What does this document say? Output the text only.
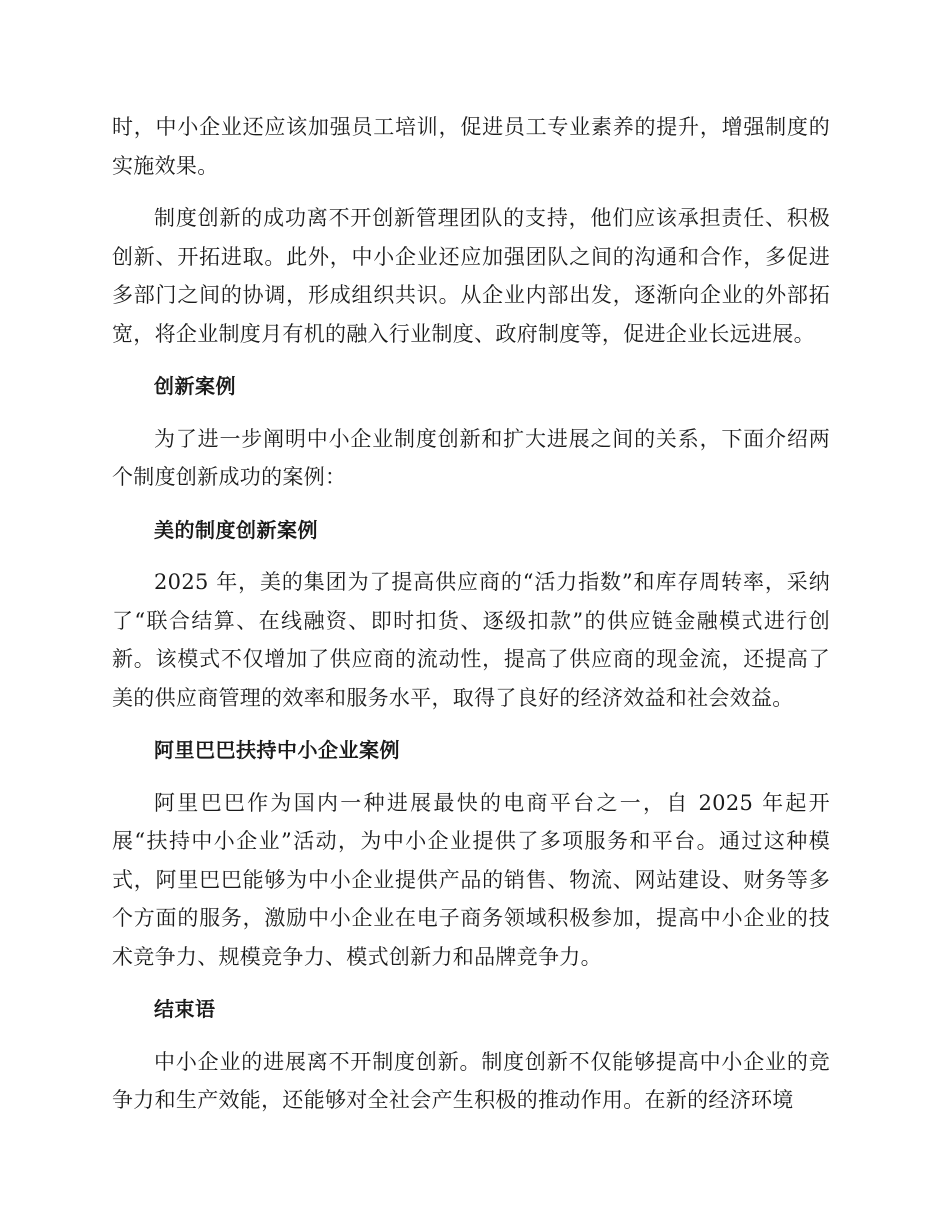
时，中小企业还应该加强员工培训，促进员工专业素养的提升，增强制度的实施效果。

制度创新的成功离不开创新管理团队的支持，他们应该承担责任、积极创新、开拓进取。此外，中小企业还应加强团队之间的沟通和合作，多促进多部门之间的协调，形成组织共识。从企业内部出发，逐渐向企业的外部拓宽，将企业制度月有机的融入行业制度、政府制度等，促进企业长远进展。

创新案例

为了进一步阐明中小企业制度创新和扩大进展之间的关系，下面介绍两个制度创新成功的案例：

美的制度创新案例

2025 年，美的集团为了提高供应商的“活力指数”和库存周转率，采纳了“联合结算、在线融资、即时扣货、逐级扣款”的供应链金融模式进行创新。该模式不仅增加了供应商的流动性，提高了供应商的现金流，还提高了美的供应商管理的效率和服务水平，取得了良好的经济效益和社会效益。

阿里巴巴扶持中小企业案例

阿里巴巴作为国内一种进展最快的电商平台之一，自 2025 年起开展“扶持中小企业”活动，为中小企业提供了多项服务和平台。通过这种模式，阿里巴巴能够为中小企业提供产品的销售、物流、网站建设、财务等多个方面的服务，激励中小企业在电子商务领域积极参加，提高中小企业的技术竞争力、规模竞争力、模式创新力和品牌竞争力。

结束语

中小企业的进展离不开制度创新。制度创新不仅能够提高中小企业的竞争力和生产效能，还能够对全社会产生积极的推动作用。在新的经济环境
